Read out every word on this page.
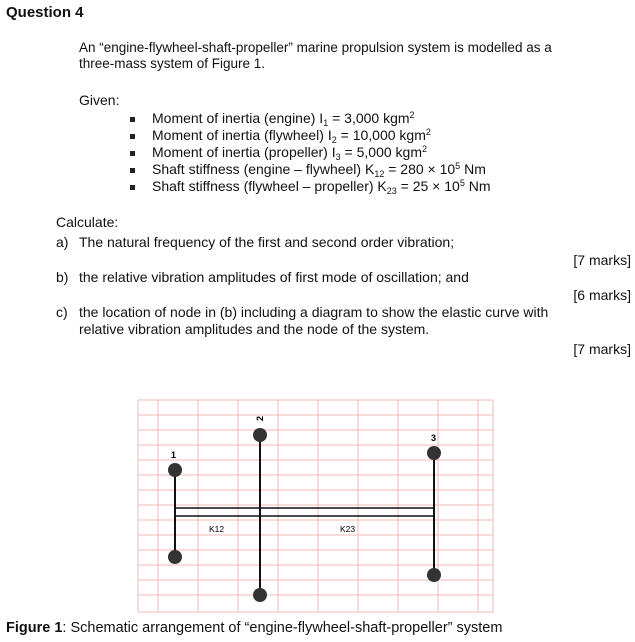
Question 4
An “engine-flywheel-shaft-propeller” marine propulsion system is modelled as a
three-mass system of Figure 1.
Given:
Moment of inertia (engine) $I_1 = 3,000$ kgm$^2$
Moment of inertia (flywheel) $I_2 = 10,000$ kgm$^2$
Moment of inertia (propeller) $I_3 = 5,000$ kgm$^2$
Shaft stiffness (engine – flywheel) $K_{12} = 280 \times 10^5$ Nm
Shaft stiffness (flywheel – propeller) $K_{23} = 25 \times 10^5$ Nm
Calculate:
a) The natural frequency of the first and second order vibration;
[7 marks]
b) the relative vibration amplitudes of first mode of oscillation; and
[6 marks]
c) the location of node in (b) including a diagram to show the elastic curve with
relative vibration amplitudes and the node of the system.
[7 marks]
1
2
3
K12	K23
Figure 1: Schematic arrangement of “engine-flywheel-shaft-propeller” system
